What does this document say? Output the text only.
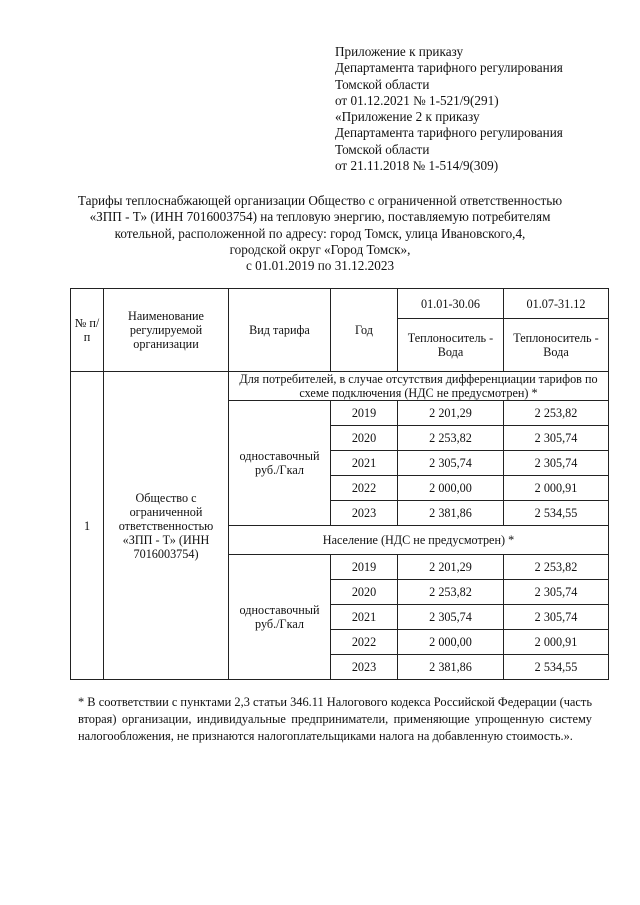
Приложение к приказу
Департамента тарифного регулирования
Томской области
от 01.12.2021 № 1-521/9(291)
«Приложение 2 к приказу
Департамента тарифного регулирования
Томской области
от 21.11.2018 № 1-514/9(309)
Тарифы теплоснабжающей организации Общество с ограниченной ответственностью
«ЗПП - Т» (ИНН 7016003754) на тепловую энергию, поставляемую потребителям
котельной, расположенной по адресу: город Томск, улица Ивановского,4,
городской округ «Город Томск»,
с 01.01.2019 по 31.12.2023
№ п/п	Наименование регулируемой организации	Вид тарифа	Год	01.01-30.06	01.07-31.12
				Теплоноситель - Вода	Теплоноситель - Вода
1	Общество с ограниченной ответственностью «ЗПП - Т» (ИНН 7016003754)	Для потребителей, в случае отсутствия дифференциации тарифов по схеме подключения (НДС не предусмотрен) *			
		одноставочный руб./Гкал	2019	2 201,29	2 253,82
			2020	2 253,82	2 305,74
			2021	2 305,74	2 305,74
			2022	2 000,00	2 000,91
			2023	2 381,86	2 534,55
		Население (НДС не предусмотрен) *			
		одноставочный руб./Гкал	2019	2 201,29	2 253,82
			2020	2 253,82	2 305,74
			2021	2 305,74	2 305,74
			2022	2 000,00	2 000,91
			2023	2 381,86	2 534,55
* В соответствии с пунктами 2,3 статьи 346.11 Налогового кодекса Российской Федерации (часть вторая) организации, индивидуальные предприниматели, применяющие упрощенную систему налогообложения, не признаются налогоплательщиками налога на добавленную стоимость.».
